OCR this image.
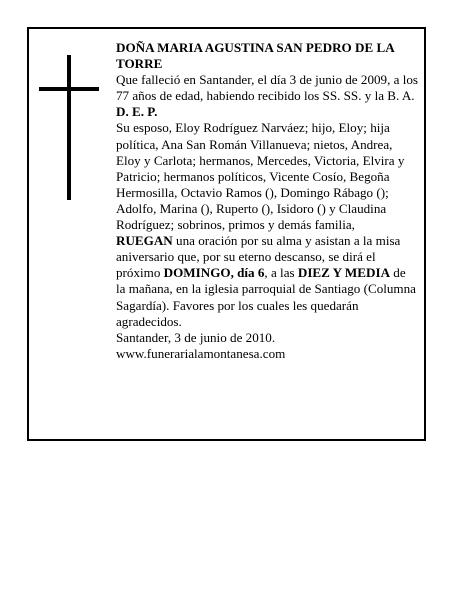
DOÑA MARIA AGUSTINA SAN PEDRO DE LA TORRE

Que falleció en Santander, el día 3 de junio de 2009, a los 77 años de edad, habiendo recibido los SS. SS. y la B. A.

D. E. P.

Su esposo, Eloy Rodríguez Narváez; hijo, Eloy; hija política, Ana San Román Villanueva; nietos, Andrea, Eloy y Carlota; hermanos, Mercedes, Victoria, Elvira y Patricio; hermanos políticos, Vicente Cosío, Begoña Hermosilla, Octavio Ramos (), Domingo Rábago (); Adolfo, Marina (), Ruperto (), Isidoro () y Claudina Rodríguez; sobrinos, primos y demás familia,

RUEGAN una oración por su alma y asistan a la misa aniversario que, por su eterno descanso, se dirá el próximo DOMINGO, día 6, a las DIEZ Y MEDIA de la mañana, en la iglesia parroquial de Santiago (Columna Sagardía). Favores por los cuales les quedarán agradecidos.

Santander, 3 de junio de 2010.

www.funerarialamontanesa.com
